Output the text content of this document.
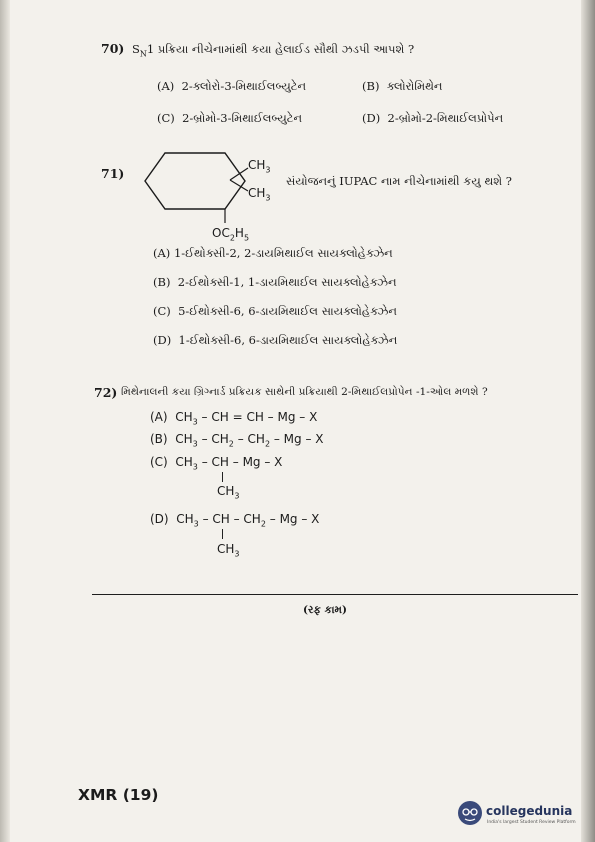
70) $S_N1$ પ્રક્રિયા નીચેનામાંથી કયા હેલાઈડ સૌથી ઝડપી આપશે ?
(A) 2-ક્લોરો-3-મિથાઈલબ્યુટેન	(B) ક્લોરોમિથેન
(C) 2-બ્રોમો-3-મિથાઈલબ્યુટેન	(D) 2-બ્રોમો-2-મિથાઈલપ્રોપેન
71)
$CH_3$
$CH_3$
$OC_2H_5$
સંયોજનનું IUPAC નામ નીચેનામાંથી કયુ થશે ?
(A) 1-ઈથોક્સી-2, 2-ડાયમિથાઈલ સાયક્લોહેક્ઝેન
(B) 2-ઈથોક્સી-1, 1-ડાયમિથાઈલ સાયક્લોહેક્ઝેન
(C) 5-ઈથોક્સી-6, 6-ડાયમિથાઈલ સાયક્લોહેક્ઝેન
(D) 1-ઈથોક્સી-6, 6-ડાયમિથાઈલ સાયક્લોહેક્ઝેન
72) મિથેનાલની કયા ગ્રિગ્નાર્ડ પ્રક્રિયક સાથેની પ્રક્રિયાથી 2-મિથાઈલપ્રોપેન -1-ઓલ મળશે ?
(A) $CH_3$ – CH = CH – Mg – X
(B) $CH_3 - CH_2 - CH_2$ – Mg – X
(C) $CH_3$ – CH – Mg – X
$CH_3$
(D) $CH_3$ – CH – $CH_2$ – Mg – X
$CH_3$
(રફ કામ)
XMR (19)
collegedunia
India's largest Student Review Platform
